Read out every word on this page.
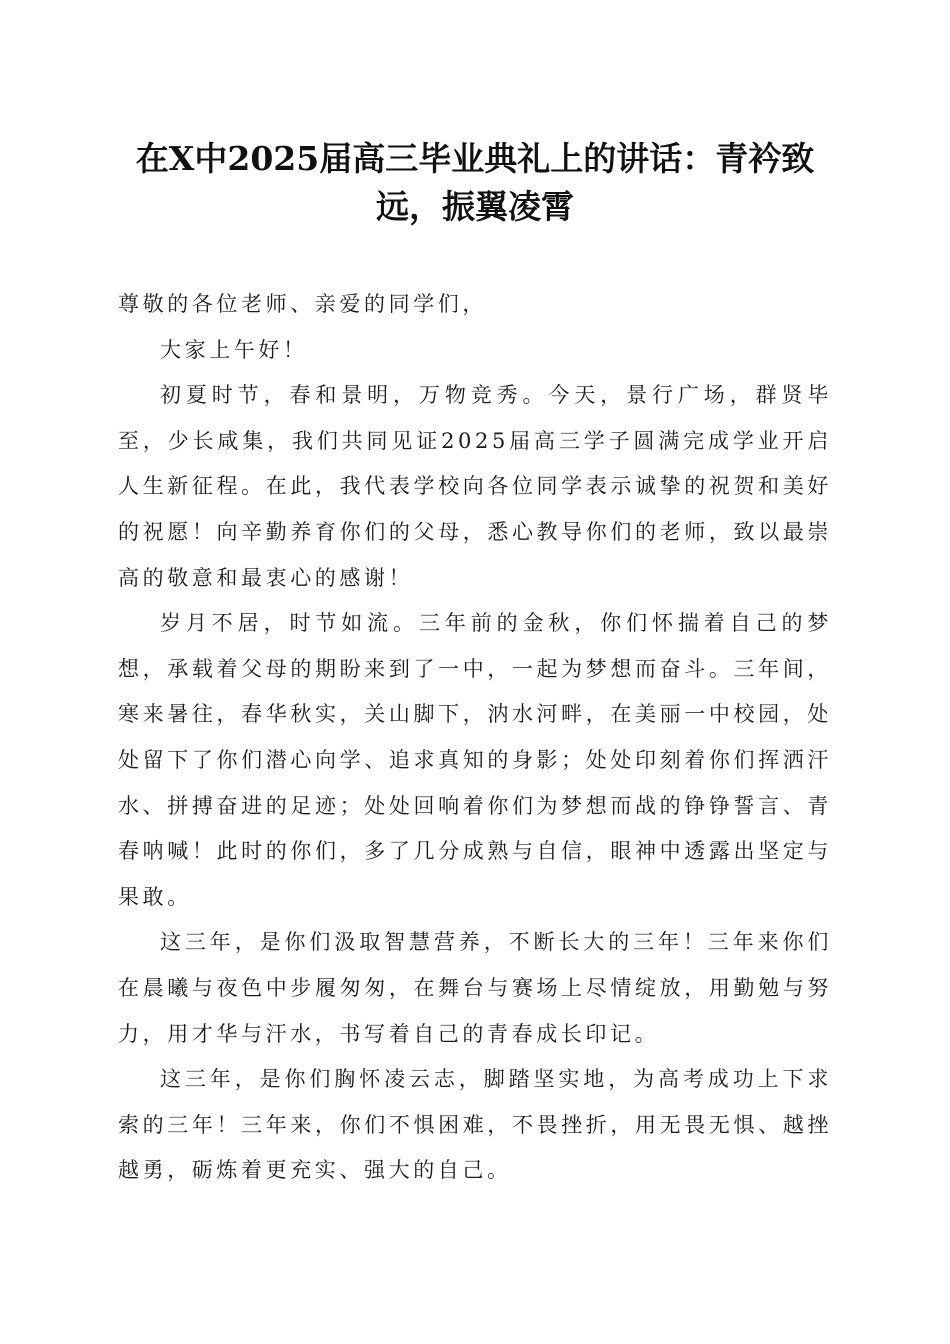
在X中2025届高三毕业典礼上的讲话：青衿致远，振翼凌霄

尊敬的各位老师、亲爱的同学们，

大家上午好！

初夏时节，春和景明，万物竞秀。今天，景行广场，群贤毕至，少长咸集，我们共同见证2025届高三学子圆满完成学业开启人生新征程。在此，我代表学校向各位同学表示诚挚的祝贺和美好的祝愿！向辛勤养育你们的父母，悉心教导你们的老师，致以最崇高的敬意和最衷心的感谢！

岁月不居，时节如流。三年前的金秋，你们怀揣着自己的梦想，承载着父母的期盼来到了一中，一起为梦想而奋斗。三年间，寒来暑往，春华秋实，关山脚下，汭水河畔，在美丽一中校园，处处留下了你们潜心向学、追求真知的身影；处处印刻着你们挥洒汗水、拼搏奋进的足迹；处处回响着你们为梦想而战的铮铮誓言、青春呐喊！此时的你们，多了几分成熟与自信，眼神中透露出坚定与果敢。

这三年，是你们汲取智慧营养，不断长大的三年！三年来你们在晨曦与夜色中步履匆匆，在舞台与赛场上尽情绽放，用勤勉与努力，用才华与汗水，书写着自己的青春成长印记。

这三年，是你们胸怀凌云志，脚踏坚实地，为高考成功上下求索的三年！三年来，你们不惧困难，不畏挫折，用无畏无惧、越挫越勇，砺炼着更充实、强大的自己。
